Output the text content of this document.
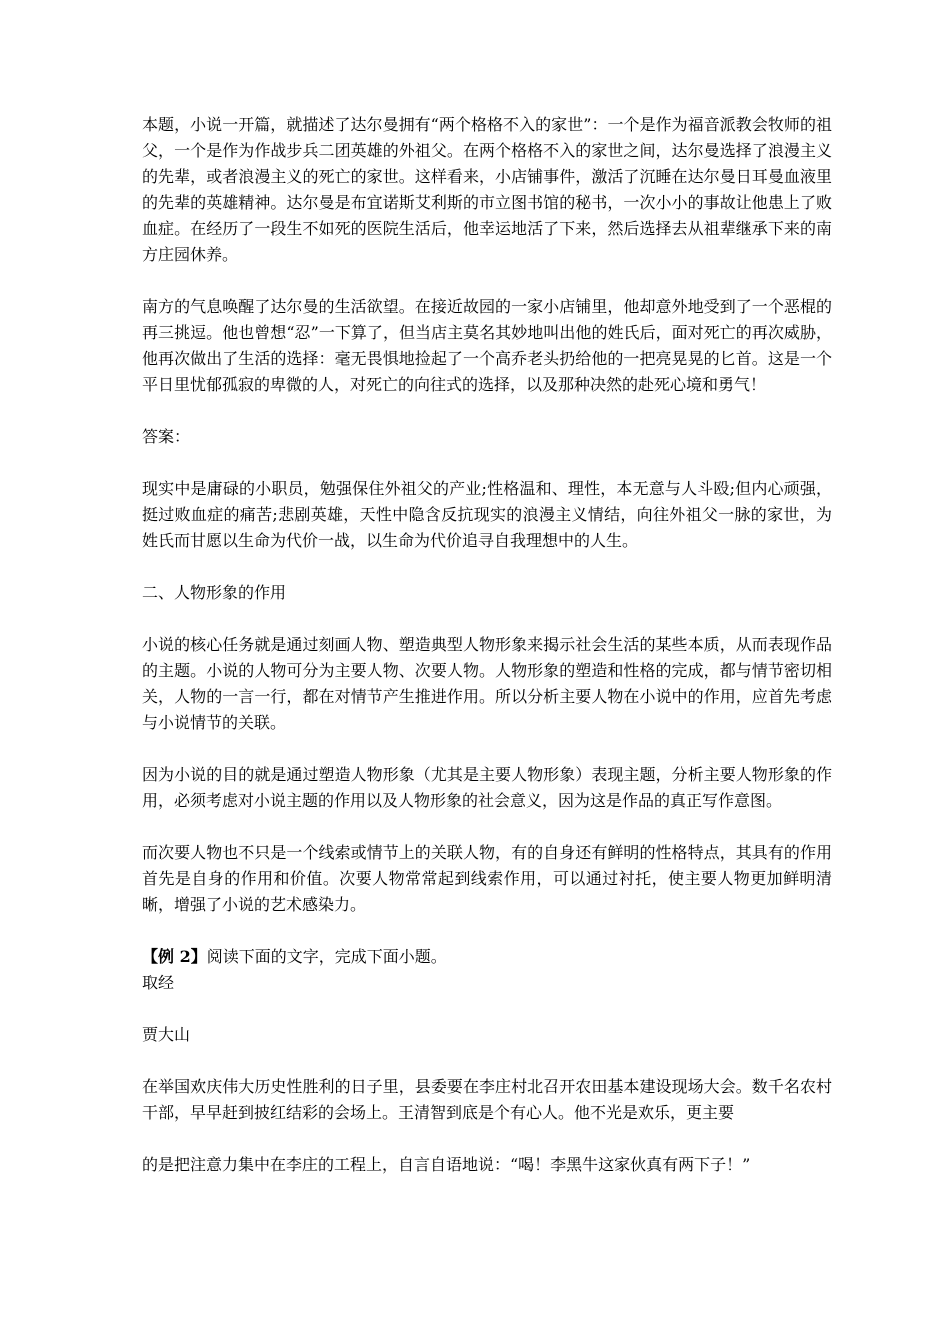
本题，小说一开篇，就描述了达尔曼拥有“两个格格不入的家世”：一个是作为福音派教会牧师的祖父，一个是作为作战步兵二团英雄的外祖父。在两个格格不入的家世之间，达尔曼选择了浪漫主义的先辈，或者浪漫主义的死亡的家世。这样看来，小店铺事件，激活了沉睡在达尔曼日耳曼血液里的先辈的英雄精神。达尔曼是布宜诺斯艾利斯的市立图书馆的秘书，一次小小的事故让他患上了败血症。在经历了一段生不如死的医院生活后，他幸运地活了下来，然后选择去从祖辈继承下来的南方庄园休养。

南方的气息唤醒了达尔曼的生活欲望。在接近故园的一家小店铺里，他却意外地受到了一个恶棍的再三挑逗。他也曾想“忍”一下算了，但当店主莫名其妙地叫出他的姓氏后，面对死亡的再次威胁，他再次做出了生活的选择：毫无畏惧地捡起了一个高乔老头扔给他的一把亮晃晃的匕首。这是一个平日里忧郁孤寂的卑微的人，对死亡的向往式的选择，以及那种决然的赴死心境和勇气！

答案：

现实中是庸碌的小职员，勉强保住外祖父的产业;性格温和、理性，本无意与人斗殴;但内心顽强，挺过败血症的痛苦;悲剧英雄，天性中隐含反抗现实的浪漫主义情结，向往外祖父一脉的家世，为姓氏而甘愿以生命为代价一战，以生命为代价追寻自我理想中的人生。

二、人物形象的作用

小说的核心任务就是通过刻画人物、塑造典型人物形象来揭示社会生活的某些本质，从而表现作品的主题。小说的人物可分为主要人物、次要人物。人物形象的塑造和性格的完成，都与情节密切相关，人物的一言一行，都在对情节产生推进作用。所以分析主要人物在小说中的作用，应首先考虑与小说情节的关联。

因为小说的目的就是通过塑造人物形象（尤其是主要人物形象）表现主题，分析主要人物形象的作用，必须考虑对小说主题的作用以及人物形象的社会意义，因为这是作品的真正写作意图。

而次要人物也不只是一个线索或情节上的关联人物，有的自身还有鲜明的性格特点，其具有的作用首先是自身的作用和价值。次要人物常常起到线索作用，可以通过衬托，使主要人物更加鲜明清晰，增强了小说的艺术感染力。

【例 2】阅读下面的文字，完成下面小题。

取经

贾大山

在举国欢庆伟大历史性胜利的日子里，县委要在李庄村北召开农田基本建设现场大会。数千名农村干部，早早赶到披红结彩的会场上。王清智到底是个有心人。他不光是欢乐，更主要

的是把注意力集中在李庄的工程上，自言自语地说：“喝！李黑牛这家伙真有两下子！”
